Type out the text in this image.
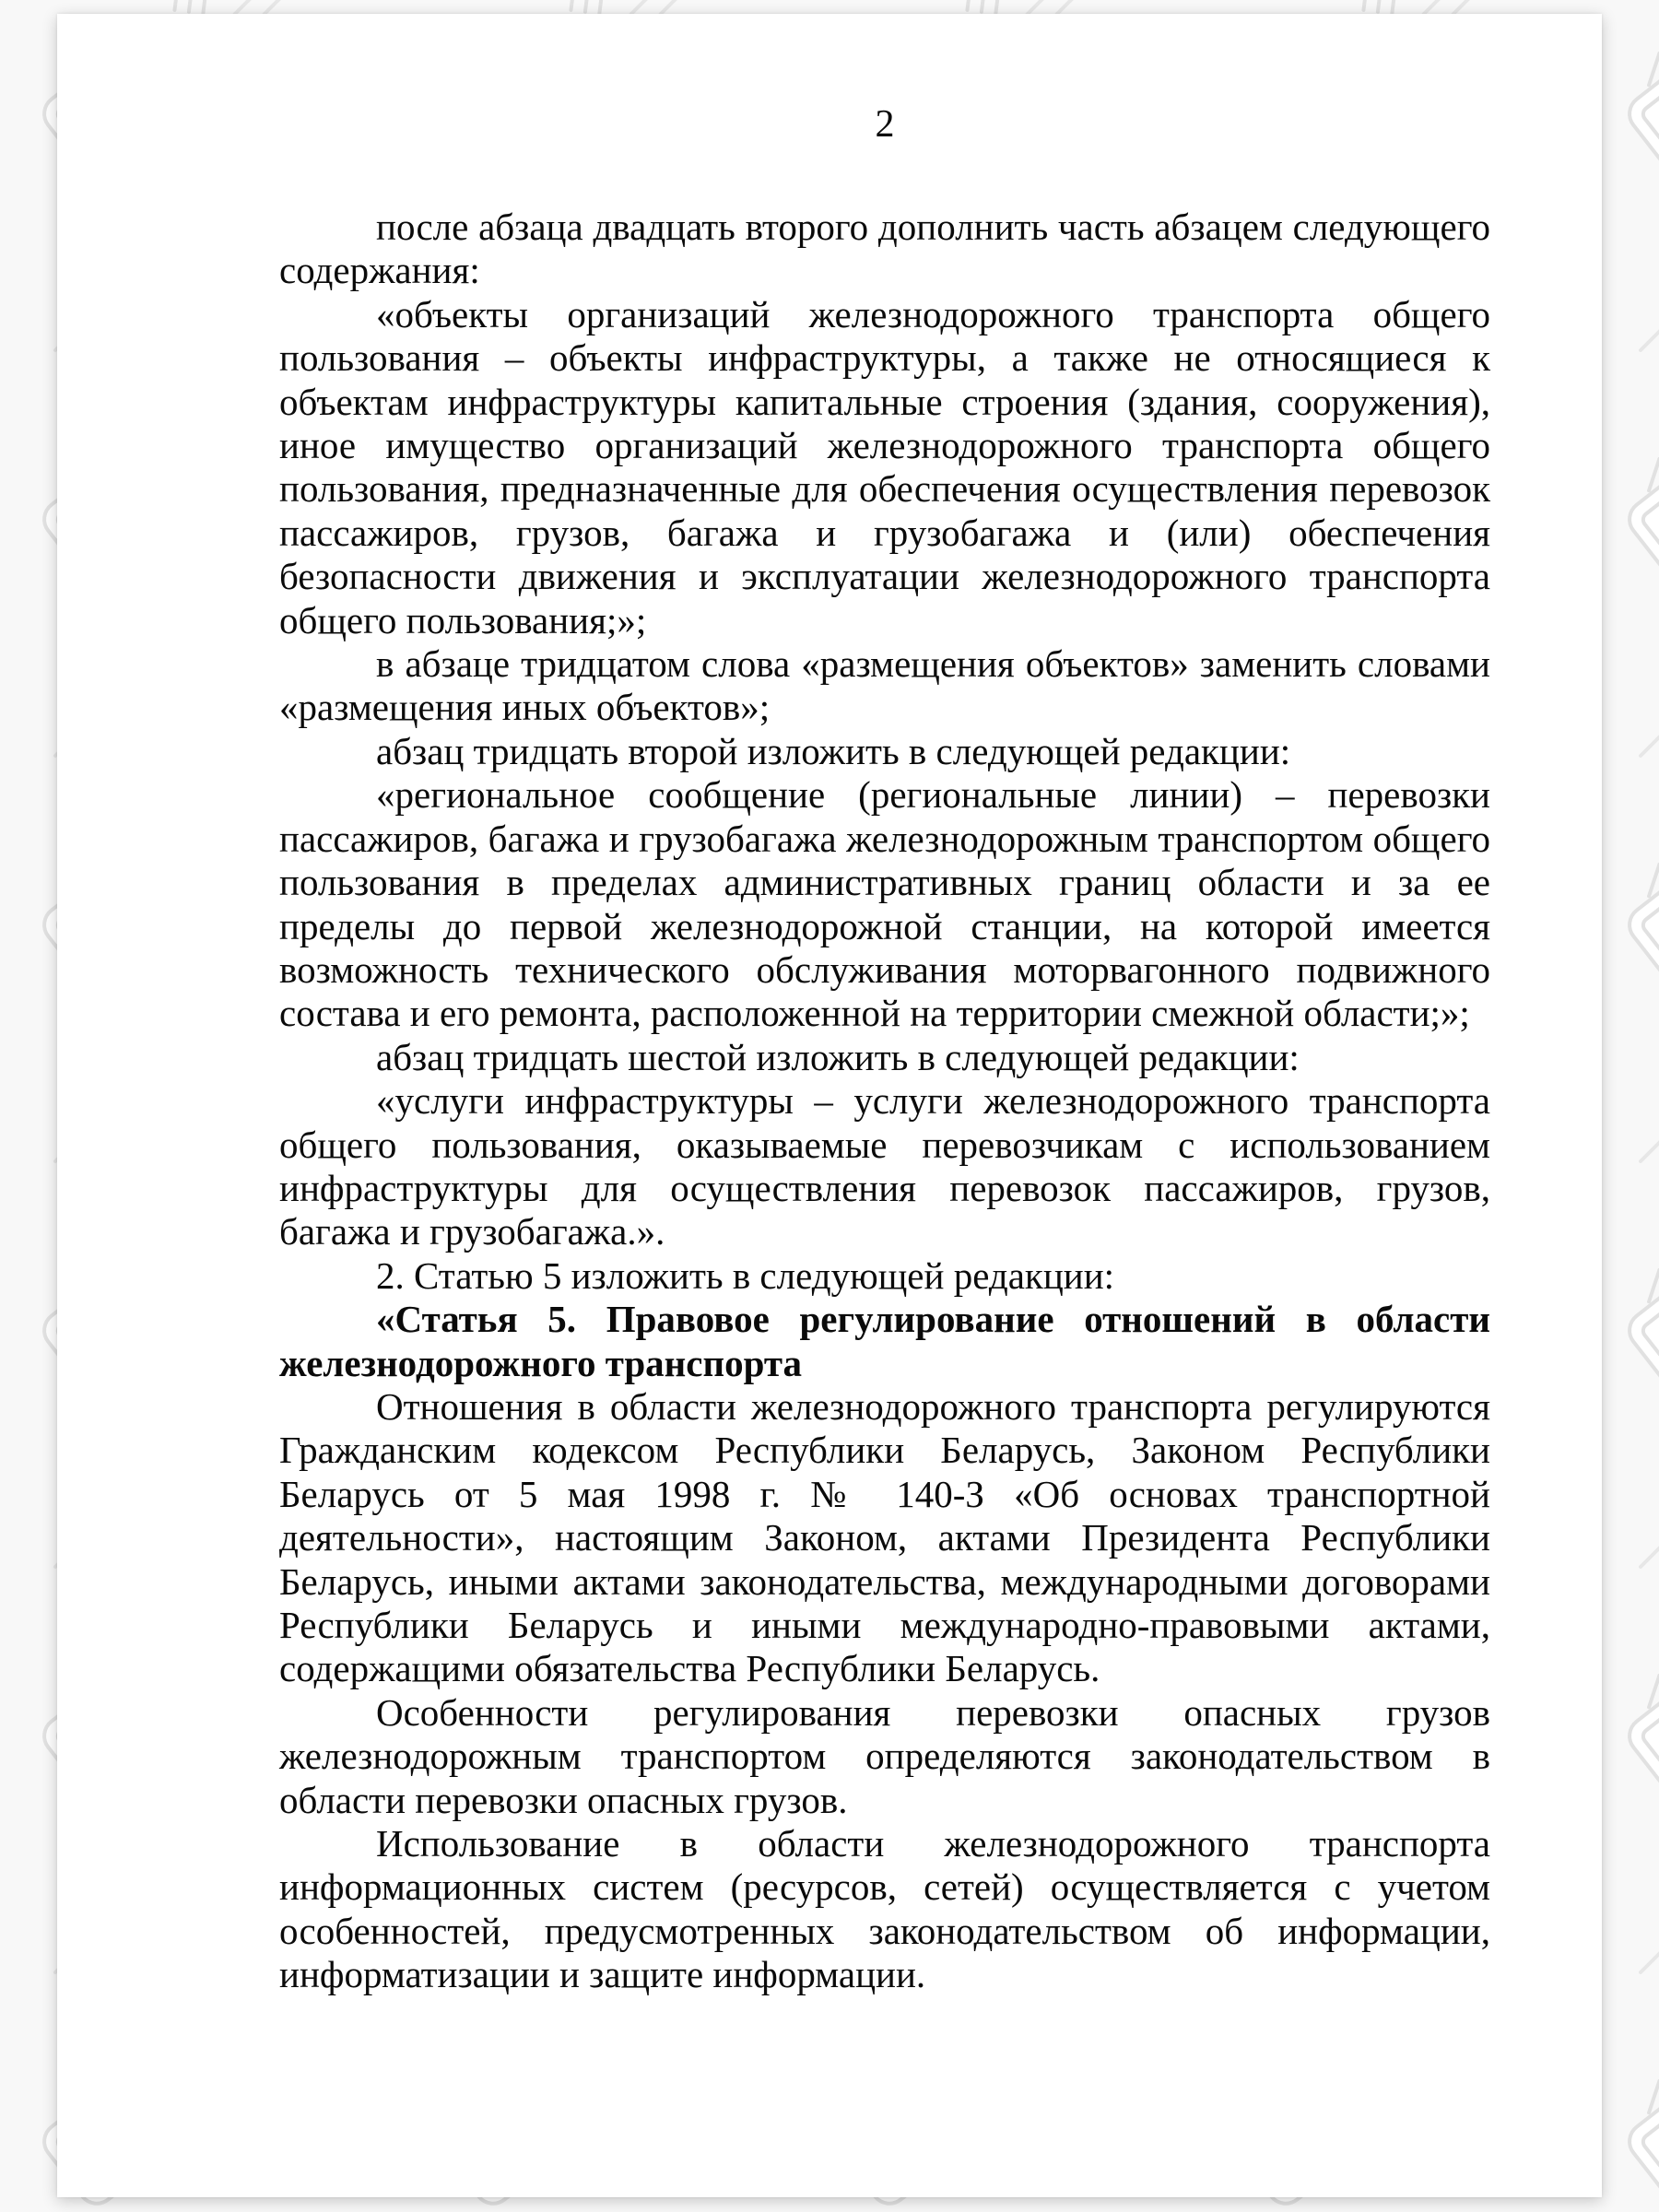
2

после абзаца двадцать второго дополнить часть абзацем следующего содержания:

«объекты организаций железнодорожного транспорта общего пользования – объекты инфраструктуры, а также не относящиеся к объектам инфраструктуры капитальные строения (здания, сооружения), иное имущество организаций железнодорожного транспорта общего пользования, предназначенные для обеспечения осуществления перевозок пассажиров, грузов, багажа и грузобагажа и (или) обеспечения безопасности движения и эксплуатации железнодорожного транспорта общего пользования;»;

в абзаце тридцатом слова «размещения объектов» заменить словами «размещения иных объектов»;

абзац тридцать второй изложить в следующей редакции:

«региональное сообщение (региональные линии) – перевозки пассажиров, багажа и грузобагажа железнодорожным транспортом общего пользования в пределах административных границ области и за ее пределы до первой железнодорожной станции, на которой имеется возможность технического обслуживания моторвагонного подвижного состава и его ремонта, расположенной на территории смежной области;»;

абзац тридцать шестой изложить в следующей редакции:

«услуги инфраструктуры – услуги железнодорожного транспорта общего пользования, оказываемые перевозчикам с использованием инфраструктуры для осуществления перевозок пассажиров, грузов, багажа и грузобагажа.».

2. Статью 5 изложить в следующей редакции:

«Статья 5. Правовое регулирование отношений в области железнодорожного транспорта

Отношения в области железнодорожного транспорта регулируются Гражданским кодексом Республики Беларусь, Законом Республики Беларусь от 5 мая 1998 г. № 140-З «Об основах транспортной деятельности», настоящим Законом, актами Президента Республики Беларусь, иными актами законодательства, международными договорами Республики Беларусь и иными международно-правовыми актами, содержащими обязательства Республики Беларусь.

Особенности регулирования перевозки опасных грузов железнодорожным транспортом определяются законодательством в области перевозки опасных грузов.

Использование в области железнодорожного транспорта информационных систем (ресурсов, сетей) осуществляется с учетом особенностей, предусмотренных законодательством об информации, информатизации и защите информации.
